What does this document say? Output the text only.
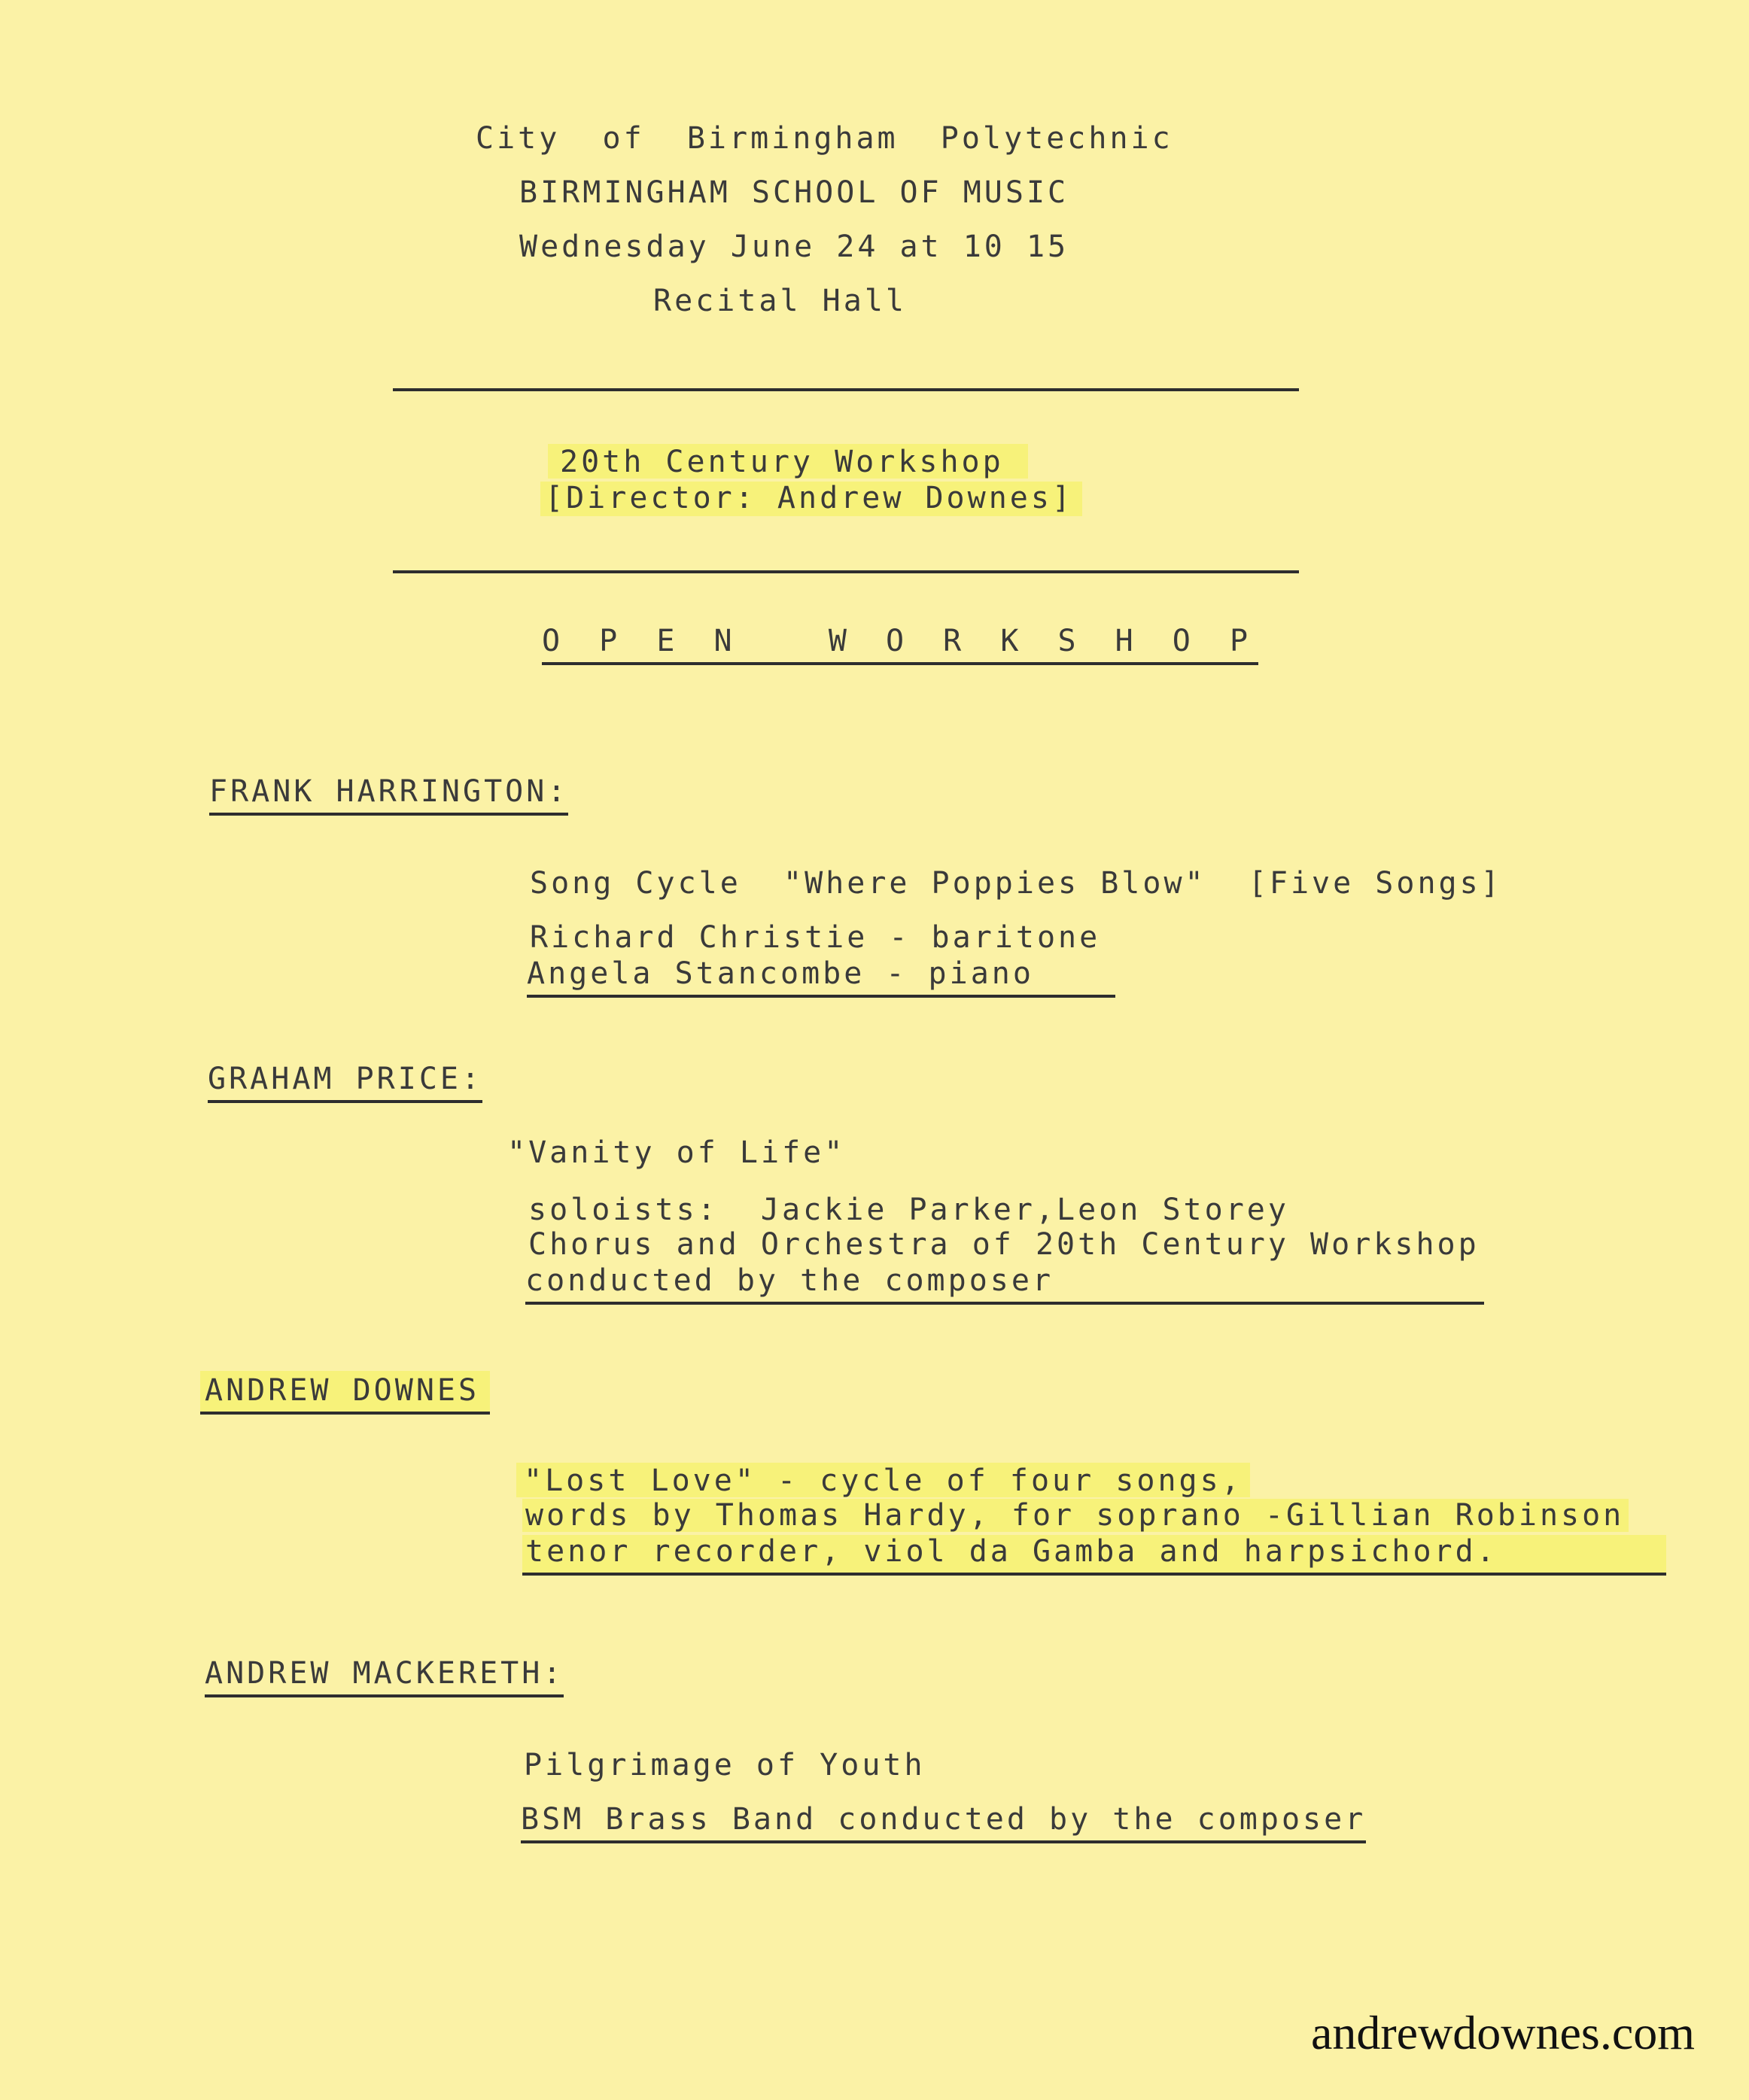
City  of  Birmingham  Polytechnic
BIRMINGHAM SCHOOL OF MUSIC
Wednesday June 24 at 10 15
Recital Hall
20th Century Workshop
[Director: Andrew Downes]
O P E N   W O R K S H O P
FRANK HARRINGTON:
Song Cycle  "Where Poppies Blow"  [Five Songs]
Richard Christie - baritone
Angela Stancombe - piano
GRAHAM PRICE:
"Vanity of Life"
soloists:  Jackie Parker,Leon Storey
Chorus and Orchestra of 20th Century Workshop
conducted by the composer
ANDREW DOWNES
"Lost Love" - cycle of four songs,
words by Thomas Hardy, for soprano -Gillian Robinson
tenor recorder, viol da Gamba and harpsichord.
ANDREW MACKERETH:
Pilgrimage of Youth
BSM Brass Band conducted by the composer
andrewdownes.com
